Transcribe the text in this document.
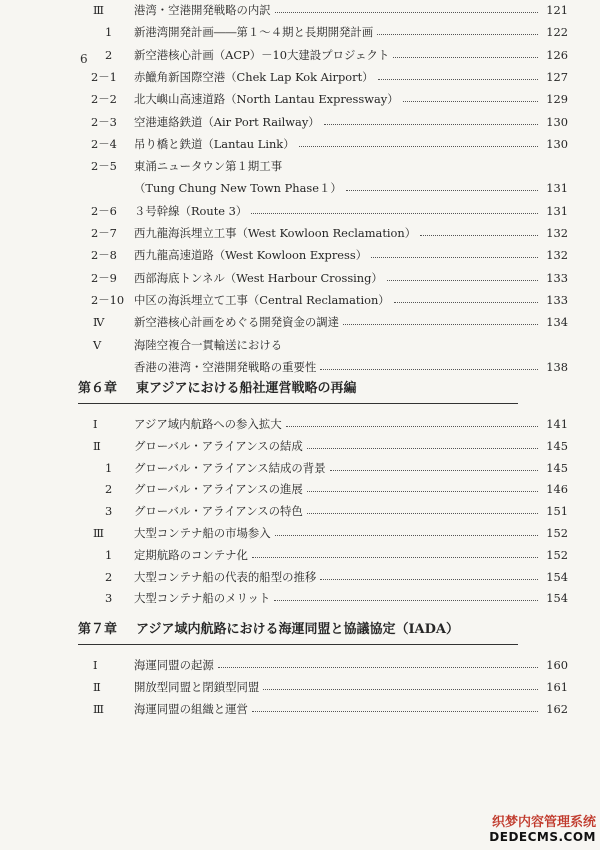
6
Ⅲ	港湾・空港開発戦略の内訳	121
1 新港湾開発計画――第１～４期と長期開発計画	122
2 新空港核心計画（ACP）－10大建設プロジェクト	126
2－1 赤鱲角新国際空港（Chek Lap Kok Airport）	127
2－2 北大嶼山高速道路（North Lantau Expressway）	129
2－3 空港連絡鉄道（Air Port Railway）	130
2－4 吊り橋と鉄道（Lantau Link）	130
2－5 東涌ニュータウン第１期工事
（Tung Chung New Town Phase１）	131
2－6 ３号幹線（Route 3）	131
2－7 西九龍海浜埋立工事（West Kowloon Reclamation）	132
2－8 西九龍高速道路（West Kowloon Express）	132
2－9 西部海底トンネル（West Harbour Crossing）	133
2－10 中区の海浜埋立て工事（Central Reclamation）	133
Ⅳ	新空港核心計画をめぐる開発資金の調達	134
Ⅴ	海陸空複合一貫輸送における
香港の港湾・空港開発戦略の重要性	138
第６章 東アジアにおける船社運営戦略の再編
Ⅰ	アジア域内航路への参入拡大	141
Ⅱ	グローバル・アライアンスの結成	145
1 グローバル・アライアンス結成の背景	145
2 グローバル・アライアンスの進展	146
3 グローバル・アライアンスの特色	151
Ⅲ	大型コンテナ船の市場参入	152
1 定期航路のコンテナ化	152
2 大型コンテナ船の代表的船型の推移	154
3 大型コンテナ船のメリット	154
第７章 アジア域内航路における海運同盟と協議協定（IADA）
Ⅰ	海運同盟の起源	160
Ⅱ	開放型同盟と閉鎖型同盟	161
Ⅲ	海運同盟の組織と運営	162
织梦内容管理系统
DEDECMS.COM
